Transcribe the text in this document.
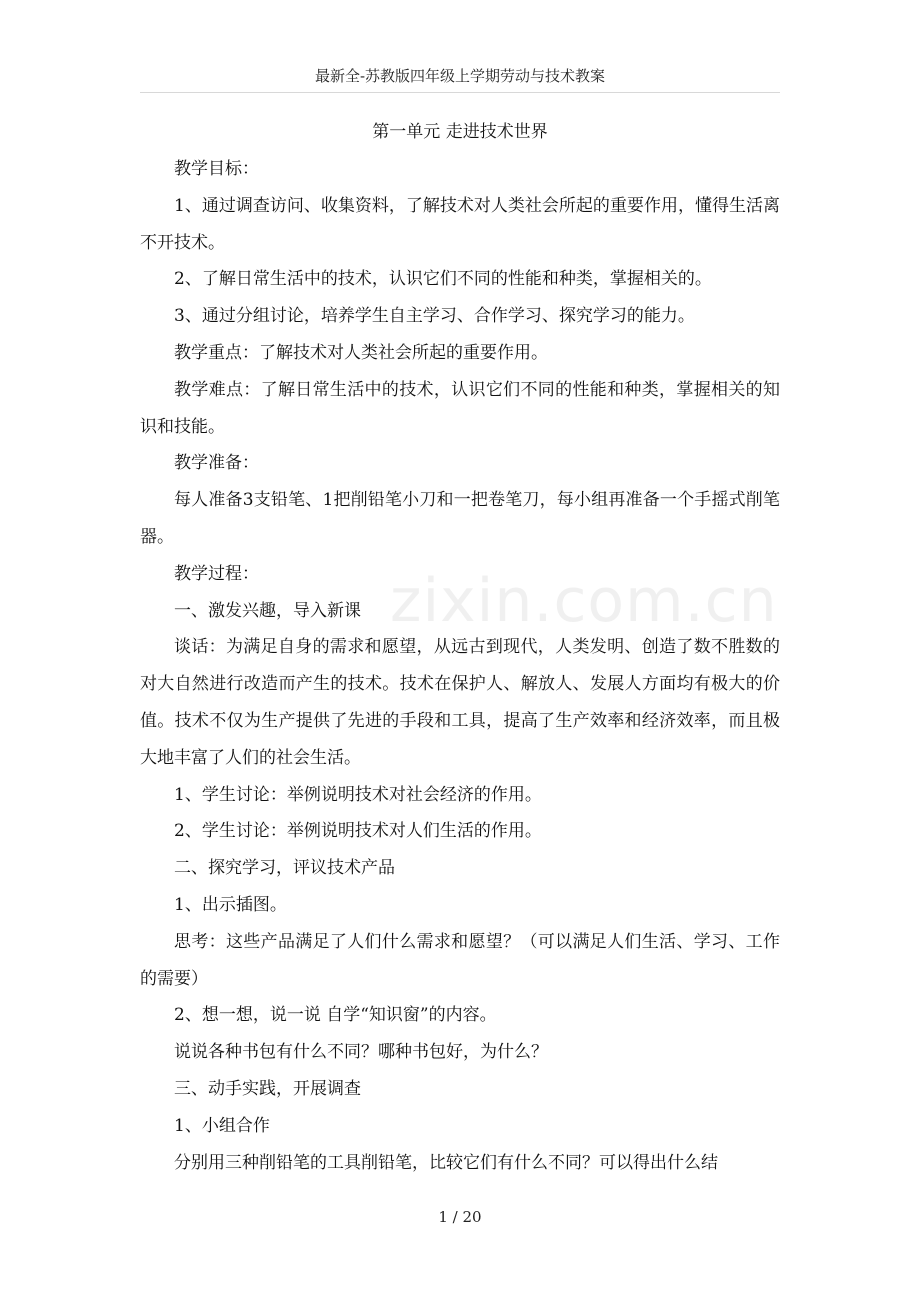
最新全-苏教版四年级上学期劳动与技术教案
第一单元 走进技术世界
zixin.com.cn

教学目标：

1、通过调查访问、收集资料，了解技术对人类社会所起的重要作用，懂得生活离不开技术。

2、了解日常生活中的技术，认识它们不同的性能和种类，掌握相关的。

3、通过分组讨论，培养学生自主学习、合作学习、探究学习的能力。

教学重点：了解技术对人类社会所起的重要作用。

教学难点：了解日常生活中的技术，认识它们不同的性能和种类，掌握相关的知识和技能。

教学准备：

每人准备3支铅笔、1把削铅笔小刀和一把卷笔刀，每小组再准备一个手摇式削笔器。

教学过程：

一、激发兴趣，导入新课

谈话：为满足自身的需求和愿望，从远古到现代，人类发明、创造了数不胜数的对大自然进行改造而产生的技术。技术在保护人、解放人、发展人方面均有极大的价值。技术不仅为生产提供了先进的手段和工具，提高了生产效率和经济效率，而且极大地丰富了人们的社会生活。

1、学生讨论：举例说明技术对社会经济的作用。

2、学生讨论：举例说明技术对人们生活的作用。

二、探究学习，评议技术产品

1、出示插图。

思考：这些产品满足了人们什么需求和愿望？（可以满足人们生活、学习、工作的需要）

2、想一想，说一说 自学“知识窗”的内容。

说说各种书包有什么不同？哪种书包好，为什么？

三、动手实践，开展调查

1、小组合作

分别用三种削铅笔的工具削铅笔，比较它们有什么不同？可以得出什么结

1 / 20
